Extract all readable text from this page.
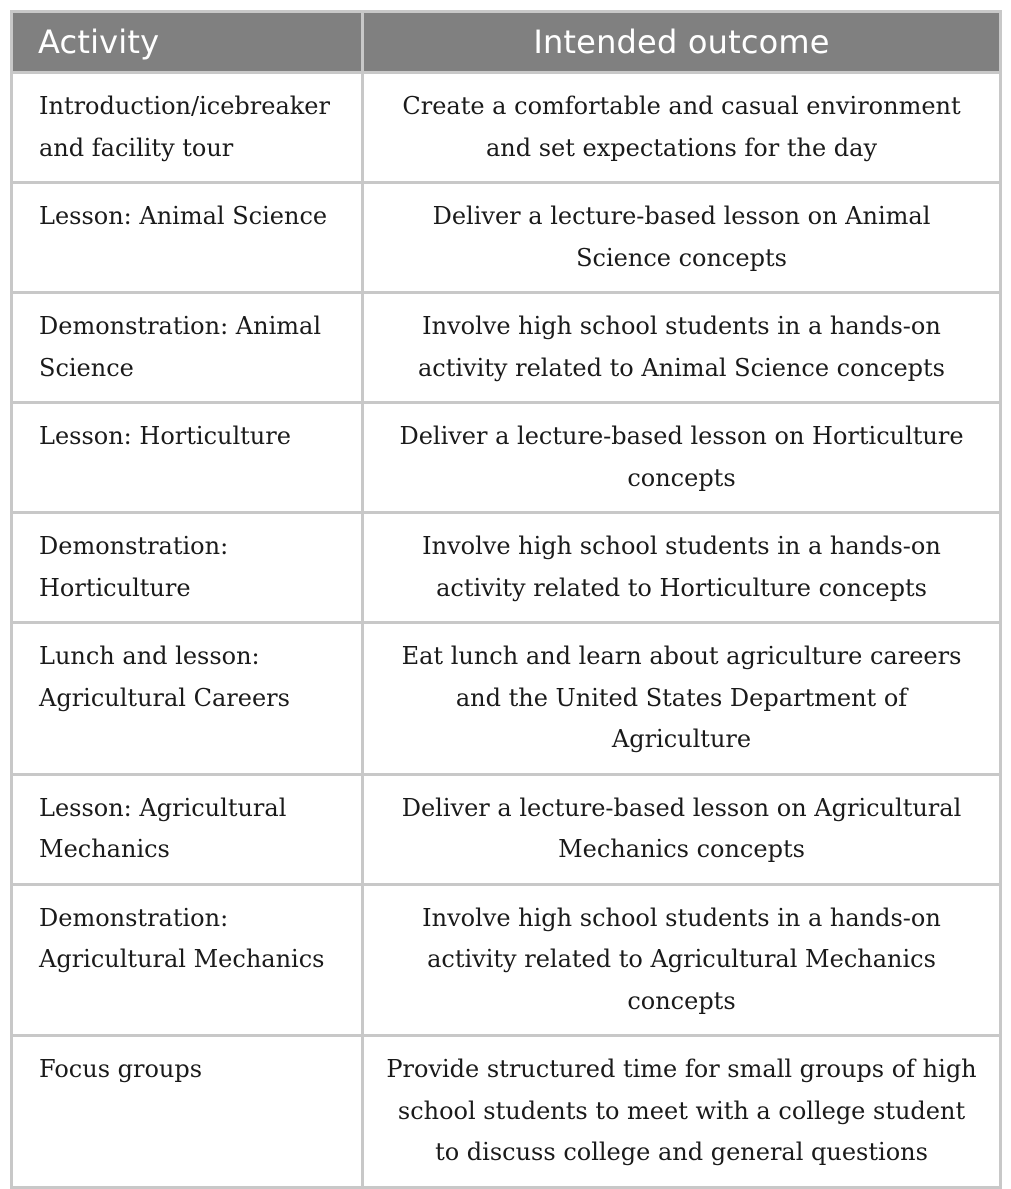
Activity	Intended outcome
Introduction/icebreaker and facility tour	Create a comfortable and casual environment and set expectations for the day
Lesson: Animal Science	Deliver a lecture-based lesson on Animal Science concepts
Demonstration: Animal Science	Involve high school students in a hands-on activity related to Animal Science concepts
Lesson: Horticulture	Deliver a lecture-based lesson on Horticulture concepts
Demonstration: Horticulture	Involve high school students in a hands-on activity related to Horticulture concepts
Lunch and lesson: Agricultural Careers	Eat lunch and learn about agriculture careers and the United States Department of Agriculture
Lesson: Agricultural Mechanics	Deliver a lecture-based lesson on Agricultural Mechanics concepts
Demonstration: Agricultural Mechanics	Involve high school students in a hands-on activity related to Agricultural Mechanics concepts
Focus groups	Provide structured time for small groups of high school students to meet with a college student to discuss college and general questions
